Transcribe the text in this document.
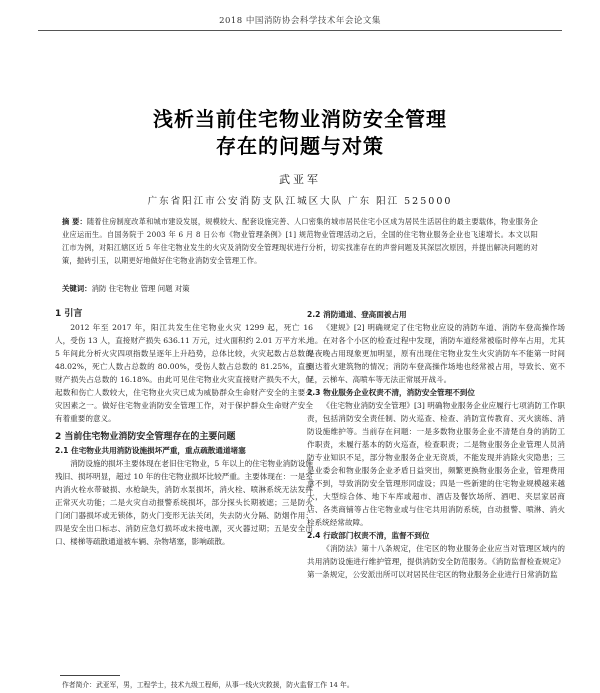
2018 中国消防协会科学技术年会论文集
浅析当前住宅物业消防安全管理
存在的问题与对策
武亚军
广东省阳江市公安消防支队江城区大队 广东 阳江 525000
摘 要：随着住房制度改革和城市建设发展，规模较大、配套设施完善、人口密集的城市居民住宅小区成为居民生活居住的最主要载体，物业服务企业应运而生。自国务院于 2003 年 6 月 8 日公布《物业管理条例》[1] 规范物业管理活动之后，全国的住宅物业服务企业也飞速增长。本文以阳江市为例，对阳江辖区近 5 年住宅物业发生的火灾及消防安全管理现状进行分析，切实找准存在的声誉问题及其深层次原因，并提出解决问题的对策，抛砖引玉，以期更好地做好住宅物业消防安全管理工作。
关键词：消防 住宅物业 管理 问题 对策

1 引言

2012 年至 2017 年，阳江共发生住宅物业火灾 1299 起，死亡 16 人，受伤 13 人，直接财产损失 636.11 万元，过火面积约 2.01 万平方米。5 年间此分析火灾四项指数呈逐年上升趋势，总体比较，火灾起数占总数的 48.02%，死亡人数占总数的 80.00%，受伤人数占总数的 81.25%，直接财产损失占总数的 16.18%。由此可见住宅物业火灾直接财产损失不大，但起数和伤亡人数较大，住宅物业火灾已成为威胁群众生命财产安全的主要火灾因素之一。做好住宅物业消防安全管理工作，对于保护群众生命财产安全有着重要的意义。

2 当前住宅物业消防安全管理存在的主要问题

2.1 住宅物业共用消防设施损坏严重，重点疏散通道堵塞

消防设施的损坏主要体现在老旧住宅物业，5 年以上的住宅物业消防设施残旧、损坏明显，超过 10 年的住宅物业损坏比较严重。主要体现在：一是室内消火栓水带破损、水枪缺失，消防水泵损坏，消火栓、喷淋系统无法发挥正常灭火功能；二是火灾自动报警系统损坏，部分探头长期被遮；三是防火门闭门器损坏或无锁体，防火门变形无法关闭，失去防火分隔、防烟作用；四是安全出口标志、消防应急灯损坏或未接电源，灭火器过期；五是安全出口、楼梯等疏散通道被车辆、杂物堵塞，影响疏散。

2.2 消防通道、登高面被占用

《建规》[2] 明确规定了住宅物业应设的消防车道、消防车登高操作场地。在对各个小区的检查过程中发现，消防车道经常被临时停车占用，尤其是夜晚占用现象更加明显，原有出现住宅物业发生火灾消防车不能第一时间到达着火建筑物的情况；消防车登高操作场地也经常被占用，导致长、宽不足，云梯车、高喷车等无法正常展开战斗。

2.3 物业服务企业权责不清，消防安全管理不到位

《住宅物业消防安全管理》[3] 明确物业服务企业应履行七项消防工作职责，包括消防安全责任制、防火巡查、检查、消防宣传教育、灭火演练、消防设施维护等。当前存在问题：一是多数物业服务企业不清楚自身的消防工作职责，未履行基本的防火巡查，检查职责；二是物业服务企业管理人员消防专业知识不足，部分物业服务企业无资质，不能发现并消除火灾隐患；三是业委会和物业服务企业矛盾日益突出，频繁更换物业服务企业，管理费用拿不到，导致消防安全管理形同虚设；四是一些新建的住宅物业规模越来越大，大型综合体、地下车库或超市、酒店及餐饮场所、酒吧、夹层家居商店、各类商铺等占住宅物业或与住宅共用消防系统，自动报警、喷淋、消火栓系统经常故障。

2.4 行政部门权责不清，监督不到位

《消防法》第十八条规定，住宅区的物业服务企业应当对管理区域内的共用消防设施进行维护管理，提供消防安全防范服务。《消防监督检查规定》第一条规定，公安派出所可以对居民住宅区的物业服务企业进行日常消防监

作者简介：武亚军，男，工程学士，技术九级工程师，从事一线火灾救援，防火监督工作 14 年。
